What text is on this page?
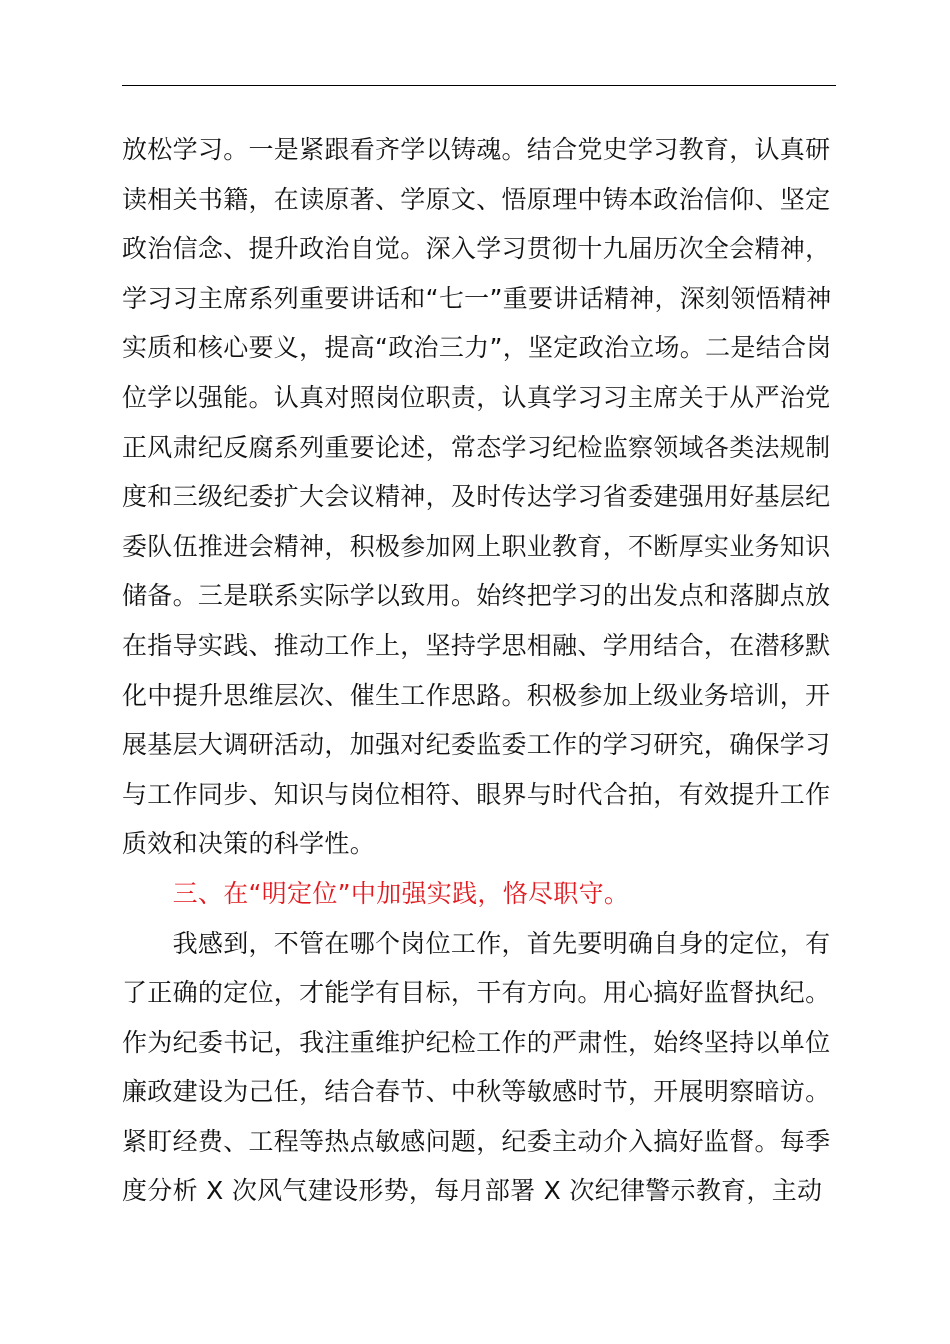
放松学习。一是紧跟看齐学以铸魂。结合党史学习教育，认真研
读相关书籍，在读原著、学原文、悟原理中铸本政治信仰、坚定
政治信念、提升政治自觉。深入学习贯彻十九届历次全会精神，
学习习主席系列重要讲话和“七一”重要讲话精神，深刻领悟精神
实质和核心要义，提高“政治三力”，坚定政治立场。二是结合岗
位学以强能。认真对照岗位职责，认真学习习主席关于从严治党
正风肃纪反腐系列重要论述，常态学习纪检监察领域各类法规制
度和三级纪委扩大会议精神，及时传达学习省委建强用好基层纪
委队伍推进会精神，积极参加网上职业教育，不断厚实业务知识
储备。三是联系实际学以致用。始终把学习的出发点和落脚点放
在指导实践、推动工作上，坚持学思相融、学用结合，在潜移默
化中提升思维层次、催生工作思路。积极参加上级业务培训，开
展基层大调研活动，加强对纪委监委工作的学习研究，确保学习
与工作同步、知识与岗位相符、眼界与时代合拍，有效提升工作
质效和决策的科学性。
　　三、在“明定位”中加强实践，恪尽职守。
　　我感到，不管在哪个岗位工作，首先要明确自身的定位，有
了正确的定位，才能学有目标，干有方向。用心搞好监督执纪。
作为纪委书记，我注重维护纪检工作的严肃性，始终坚持以单位
廉政建设为己任，结合春节、中秋等敏感时节，开展明察暗访。
紧盯经费、工程等热点敏感问题，纪委主动介入搞好监督。每季
度分析 X 次风气建设形势，每月部署 X 次纪律警示教育，主动
